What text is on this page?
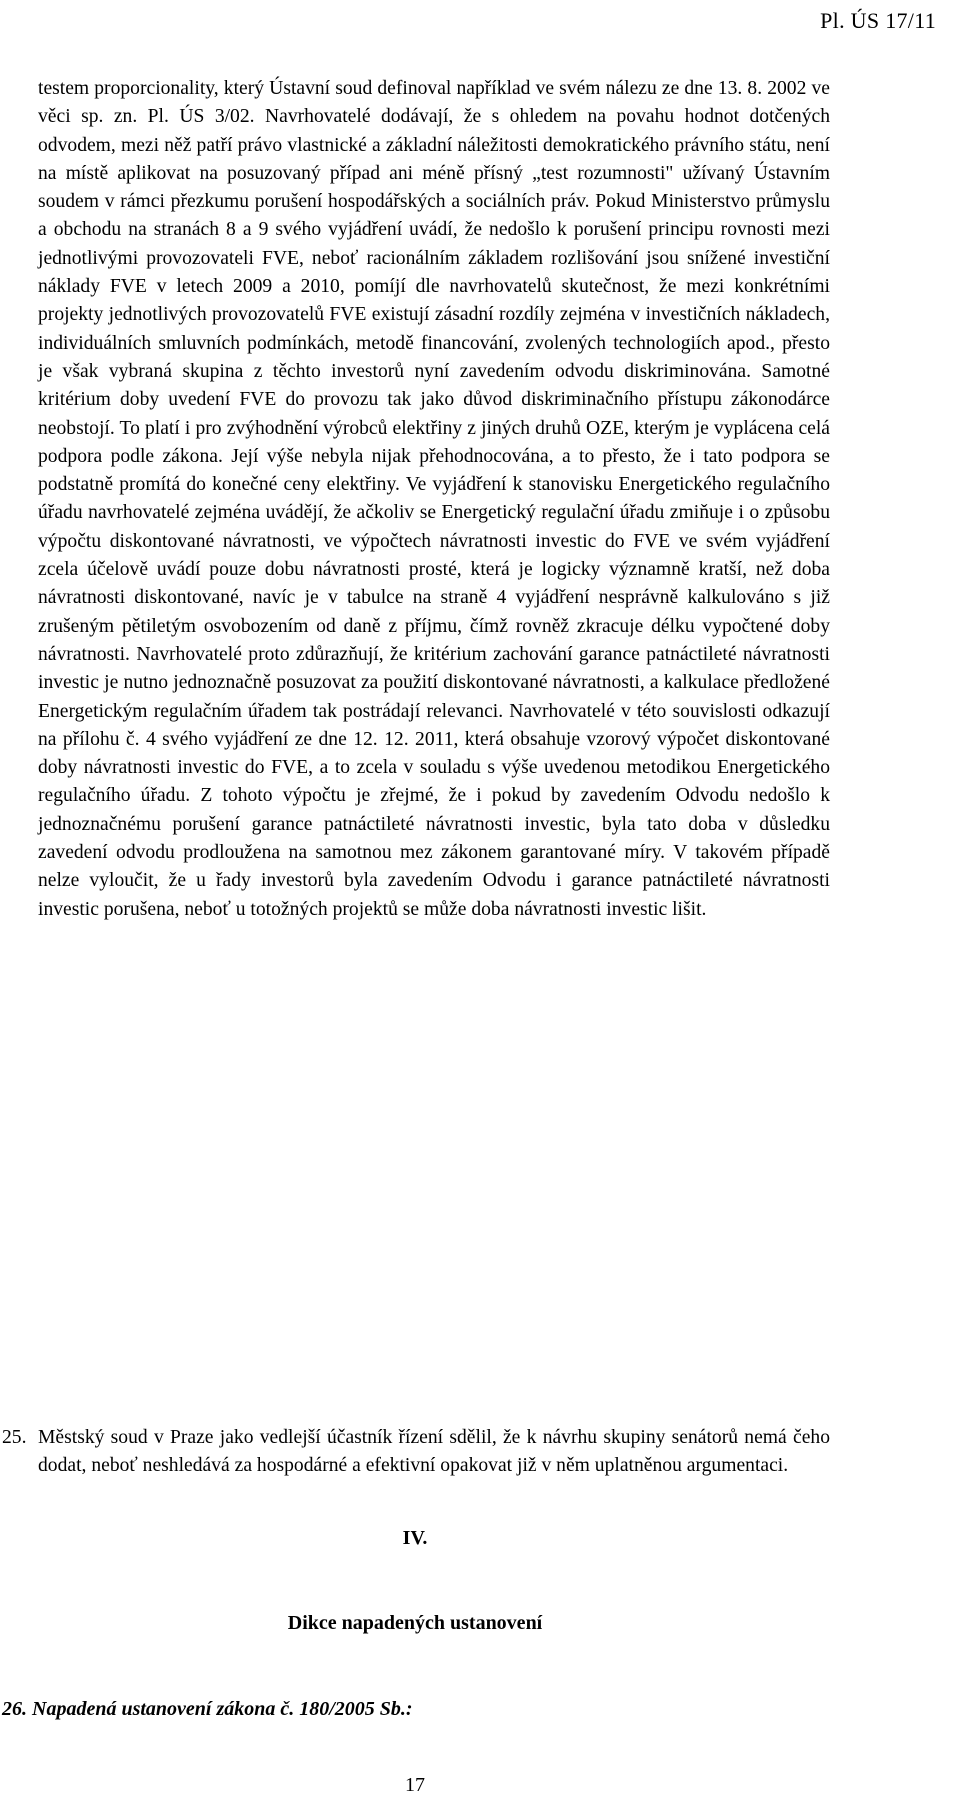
Pl. ÚS 17/11

testem proporcionality, který Ústavní soud definoval například ve svém nálezu ze dne 13. 8. 2002 ve věci sp. zn. Pl. ÚS 3/02. Navrhovatelé dodávají, že s ohledem na povahu hodnot dotčených odvodem, mezi něž patří právo vlastnické a základní náležitosti demokratického právního státu, není na místě aplikovat na posuzovaný případ ani méně přísný „test rozumnosti" užívaný Ústavním soudem v rámci přezkumu porušení hospodářských a sociálních práv. Pokud Ministerstvo průmyslu a obchodu na stranách 8 a 9 svého vyjádření uvádí, že nedošlo k porušení principu rovnosti mezi jednotlivými provozovateli FVE, neboť racionálním základem rozlišování jsou snížené investiční náklady FVE v letech 2009 a 2010, pomíjí dle navrhovatelů skutečnost, že mezi konkrétními projekty jednotlivých provozovatelů FVE existují zásadní rozdíly zejména v investičních nákladech, individuálních smluvních podmínkách, metodě financování, zvolených technologiích apod., přesto je však vybraná skupina z těchto investorů nyní zavedením odvodu diskriminována. Samotné kritérium doby uvedení FVE do provozu tak jako důvod diskriminačního přístupu zákonodárce neobstojí. To platí i pro zvýhodnění výrobců elektřiny z jiných druhů OZE, kterým je vyplácena celá podpora podle zákona. Její výše nebyla nijak přehodnocována, a to přesto, že i tato podpora se podstatně promítá do konečné ceny elektřiny. Ve vyjádření k stanovisku Energetického regulačního úřadu navrhovatelé zejména uvádějí, že ačkoliv se Energetický regulační úřadu zmiňuje i o způsobu výpočtu diskontované návratnosti, ve výpočtech návratnosti investic do FVE ve svém vyjádření zcela účelově uvádí pouze dobu návratnosti prosté, která je logicky významně kratší, než doba návratnosti diskontované, navíc je v tabulce na straně 4 vyjádření nesprávně kalkulováno s již zrušeným pětiletým osvobozením od daně z příjmu, čímž rovněž zkracuje délku vypočtené doby návratnosti. Navrhovatelé proto zdůrazňují, že kritérium zachování garance patnáctileté návratnosti investic je nutno jednoznačně posuzovat za použití diskontované návratnosti, a kalkulace předložené Energetickým regulačním úřadem tak postrádají relevanci. Navrhovatelé v této souvislosti odkazují na přílohu č. 4 svého vyjádření ze dne 12. 12. 2011, která obsahuje vzorový výpočet diskontované doby návratnosti investic do FVE, a to zcela v souladu s výše uvedenou metodikou Energetického regulačního úřadu. Z tohoto výpočtu je zřejmé, že i pokud by zavedením Odvodu nedošlo k jednoznačnému porušení garance patnáctileté návratnosti investic, byla tato doba v důsledku zavedení odvodu prodloužena na samotnou mez zákonem garantované míry. V takovém případě nelze vyloučit, že u řady investorů byla zavedením Odvodu i garance patnáctileté návratnosti investic porušena, neboť u totožných projektů se může doba návratnosti investic lišit.

25. Městský soud v Praze jako vedlejší účastník řízení sdělil, že k návrhu skupiny senátorů nemá čeho dodat, neboť neshledává za hospodárné a efektivní opakovat již v něm uplatněnou argumentaci.
IV.
Dikce napadených ustanovení
26. Napadená ustanovení zákona č. 180/2005 Sb.:
17
